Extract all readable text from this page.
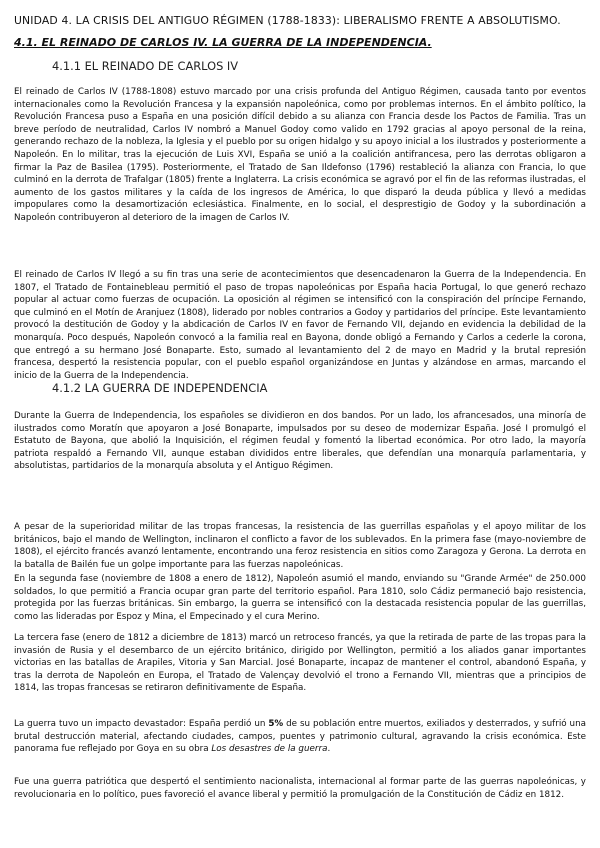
UNIDAD 4. LA CRISIS DEL ANTIGUO RÉGIMEN (1788-1833): LIBERALISMO FRENTE A ABSOLUTISMO.
4.1. EL REINADO DE CARLOS IV. LA GUERRA DE LA INDEPENDENCIA.
4.1.1 EL REINADO DE CARLOS IV

El reinado de Carlos IV (1788-1808) estuvo marcado por una crisis profunda del Antiguo Régimen, causada tanto por eventos internacionales como la Revolución Francesa y la expansión napoleónica, como por problemas internos. En el ámbito político, la Revolución Francesa puso a España en una posición difícil debido a su alianza con Francia desde los Pactos de Familia. Tras un breve período de neutralidad, Carlos IV nombró a Manuel Godoy como valido en 1792 gracias al apoyo personal de la reina, generando rechazo de la nobleza, la Iglesia y el pueblo por su origen hidalgo y su apoyo inicial a los ilustrados y posteriormente a Napoleón. En lo militar, tras la ejecución de Luis XVI, España se unió a la coalición antifrancesa, pero las derrotas obligaron a firmar la Paz de Basilea (1795). Posteriormente, el Tratado de San Ildefonso (1796) restableció la alianza con Francia, lo que culminó en la derrota de Trafalgar (1805) frente a Inglaterra. La crisis económica se agravó por el fin de las reformas ilustradas, el aumento de los gastos militares y la caída de los ingresos de América, lo que disparó la deuda pública y llevó a medidas impopulares como la desamortización eclesiástica. Finalmente, en lo social, el desprestigio de Godoy y la subordinación a Napoleón contribuyeron al deterioro de la imagen de Carlos IV.

El reinado de Carlos IV llegó a su fin tras una serie de acontecimientos que desencadenaron la Guerra de la Independencia. En 1807, el Tratado de Fontainebleau permitió el paso de tropas napoleónicas por España hacia Portugal, lo que generó rechazo popular al actuar como fuerzas de ocupación. La oposición al régimen se intensificó con la conspiración del príncipe Fernando, que culminó en el Motín de Aranjuez (1808), liderado por nobles contrarios a Godoy y partidarios del príncipe. Este levantamiento provocó la destitución de Godoy y la abdicación de Carlos IV en favor de Fernando VII, dejando en evidencia la debilidad de la monarquía. Poco después, Napoleón convocó a la familia real en Bayona, donde obligó a Fernando y Carlos a cederle la corona, que entregó a su hermano José Bonaparte. Esto, sumado al levantamiento del 2 de mayo en Madrid y la brutal represión francesa, despertó la resistencia popular, con el pueblo español organizándose en Juntas y alzándose en armas, marcando el inicio de la Guerra de la Independencia.

4.1.2 LA GUERRA DE INDEPENDENCIA

Durante la Guerra de Independencia, los españoles se dividieron en dos bandos. Por un lado, los afrancesados, una minoría de ilustrados como Moratín que apoyaron a José Bonaparte, impulsados por su deseo de modernizar España. José I promulgó el Estatuto de Bayona, que abolió la Inquisición, el régimen feudal y fomentó la libertad económica. Por otro lado, la mayoría patriota respaldó a Fernando VII, aunque estaban divididos entre liberales, que defendían una monarquía parlamentaria, y absolutistas, partidarios de la monarquía absoluta y el Antiguo Régimen.

A pesar de la superioridad militar de las tropas francesas, la resistencia de las guerrillas españolas y el apoyo militar de los británicos, bajo el mando de Wellington, inclinaron el conflicto a favor de los sublevados. En la primera fase (mayo-noviembre de 1808), el ejército francés avanzó lentamente, encontrando una feroz resistencia en sitios como Zaragoza y Gerona. La derrota en la batalla de Bailén fue un golpe importante para las fuerzas napoleónicas.

En la segunda fase (noviembre de 1808 a enero de 1812), Napoleón asumió el mando, enviando su "Grande Armée" de 250.000 soldados, lo que permitió a Francia ocupar gran parte del territorio español. Para 1810, solo Cádiz permaneció bajo resistencia, protegida por las fuerzas británicas. Sin embargo, la guerra se intensificó con la destacada resistencia popular de las guerrillas, como las lideradas por Espoz y Mina, el Empecinado y el cura Merino.

La tercera fase (enero de 1812 a diciembre de 1813) marcó un retroceso francés, ya que la retirada de parte de las tropas para la invasión de Rusia y el desembarco de un ejército británico, dirigido por Wellington, permitió a los aliados ganar importantes victorias en las batallas de Arapiles, Vitoria y San Marcial. José Bonaparte, incapaz de mantener el control, abandonó España, y tras la derrota de Napoleón en Europa, el Tratado de Valençay devolvió el trono a Fernando VII, mientras que a principios de 1814, las tropas francesas se retiraron definitivamente de España.

La guerra tuvo un impacto devastador: España perdió un 5% de su población entre muertos, exiliados y desterrados, y sufrió una brutal destrucción material, afectando ciudades, campos, puentes y patrimonio cultural, agravando la crisis económica. Este panorama fue reflejado por Goya en su obra Los desastres de la guerra.

Fue una guerra patriótica que despertó el sentimiento nacionalista, internacional al formar parte de las guerras napoleónicas, y revolucionaria en lo político, pues favoreció el avance liberal y permitió la promulgación de la Constitución de Cádiz en 1812.
